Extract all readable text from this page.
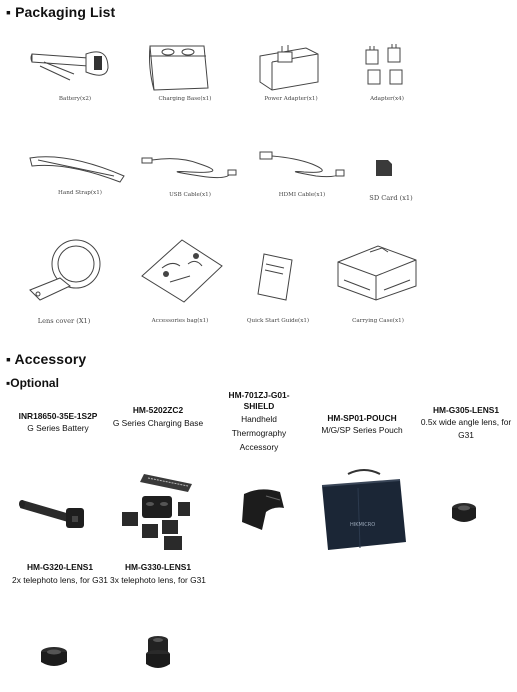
▪ Packaging List
Battery(x2)	Charging Base(x1)	Power Adapter(x1)	Adapter(x4)
Hand Strap(x1)	USB Cable(x1)	HDMI Cable(x1)	SD Card (x1)
Lens cover (X1)	Accessories bag(x1)	Quick Start Guide(x1)	Carrying Case(x1)
▪ Accessory
▪Optional
INR18650-35E-1S2P
G Series Battery
HM-5202ZC2
G Series Charging Base
HM-701ZJ-G01-SHIELD
Handheld Thermography Accessory
HM-SP01-POUCH
M/G/SP Series Pouch
HM-G305-LENS1
0.5x wide angle lens, for G31
HM-G320-LENS1
2x telephoto lens, for G31
HM-G330-LENS1
3x telephoto lens, for G31
HIKMICRO
